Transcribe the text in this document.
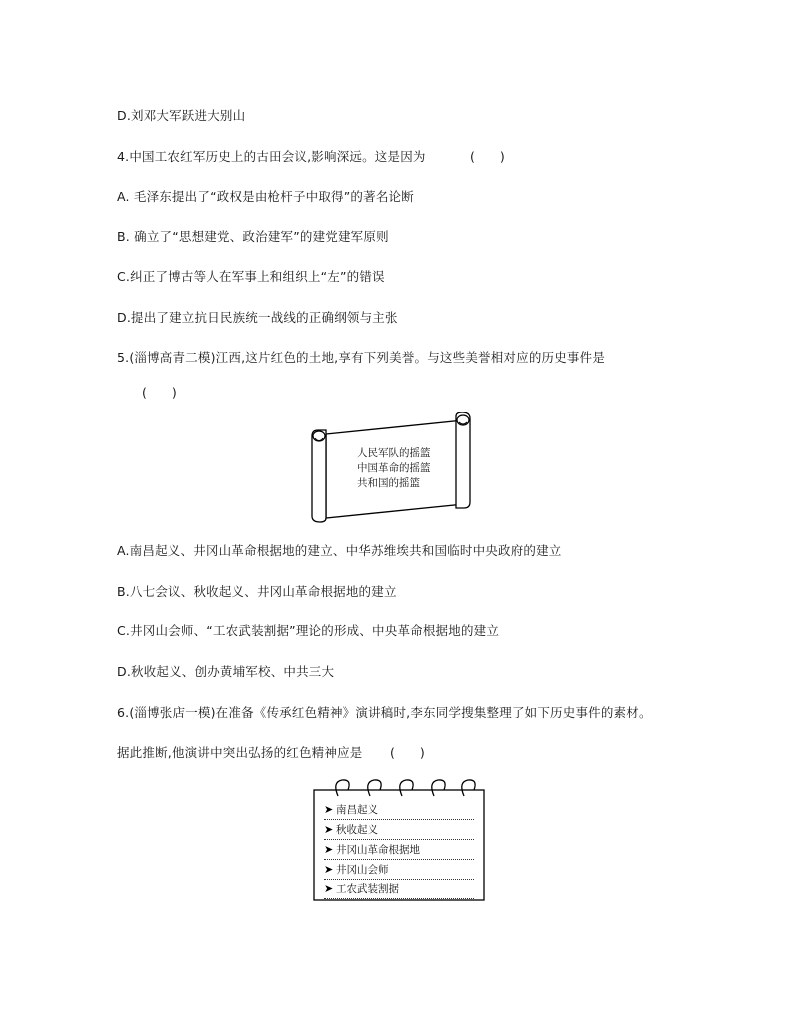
D.刘邓大军跃进大别山
4.中国工农红军历史上的古田会议,影响深远。这是因为	(　　)
A. 毛泽东提出了“政权是由枪杆子中取得”的著名论断
B. 确立了“思想建党、政治建军”的建党建军原则
C.纠正了博古等人在军事上和组织上“左”的错误
D.提出了建立抗日民族统一战线的正确纲领与主张
5.(淄博高青二模)江西,这片红色的土地,享有下列美誉。与这些美誉相对应的历史事件是
(　　)
人民军队的摇篮
中国革命的摇篮
共和国的摇篮
A.南昌起义、井冈山革命根据地的建立、中华苏维埃共和国临时中央政府的建立
B.八七会议、秋收起义、井冈山革命根据地的建立
C.井冈山会师、“工农武装割据”理论的形成、中央革命根据地的建立
D.秋收起义、创办黄埔军校、中共三大
6.(淄博张店一模)在准备《传承红色精神》演讲稿时,李东同学搜集整理了如下历史事件的素材。
据此推断,他演讲中突出弘扬的红色精神应是 (　　)
➤ 南昌起义
➤ 秋收起义
➤ 井冈山革命根据地
➤ 井冈山会师
➤ 工农武装割据
